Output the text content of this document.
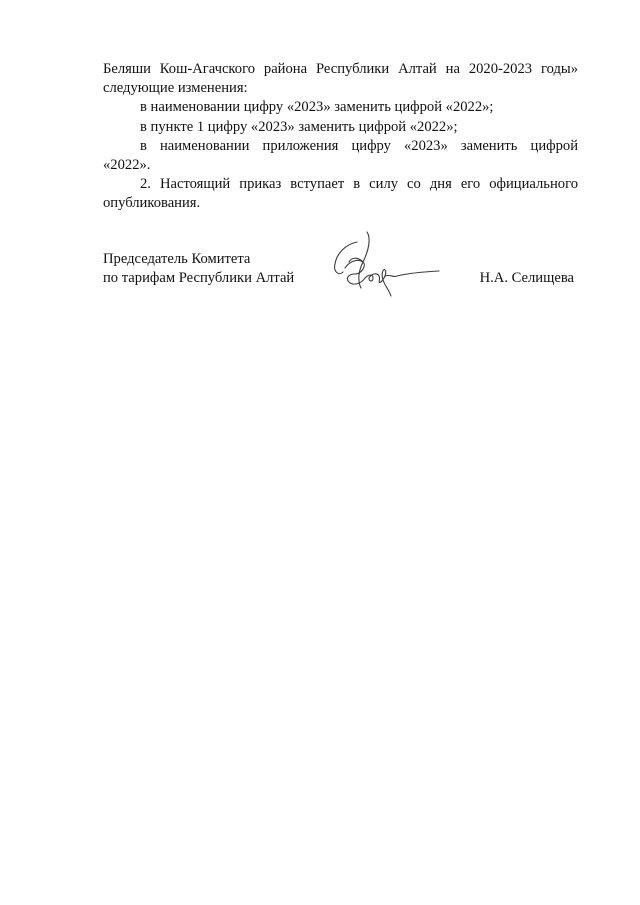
Беляши Кош-Агачского района Республики Алтай на 2020-2023 годы»

следующие изменения:

в наименовании цифру «2023» заменить цифрой «2022»;

в пункте 1 цифру «2023» заменить цифрой «2022»;

в наименовании приложения цифру «2023» заменить цифрой

«2022».

2. Настоящий приказ вступает в силу со дня его официального

опубликования.

Председатель Комитета
по тарифам Республики Алтай	Н.А. Селищева
